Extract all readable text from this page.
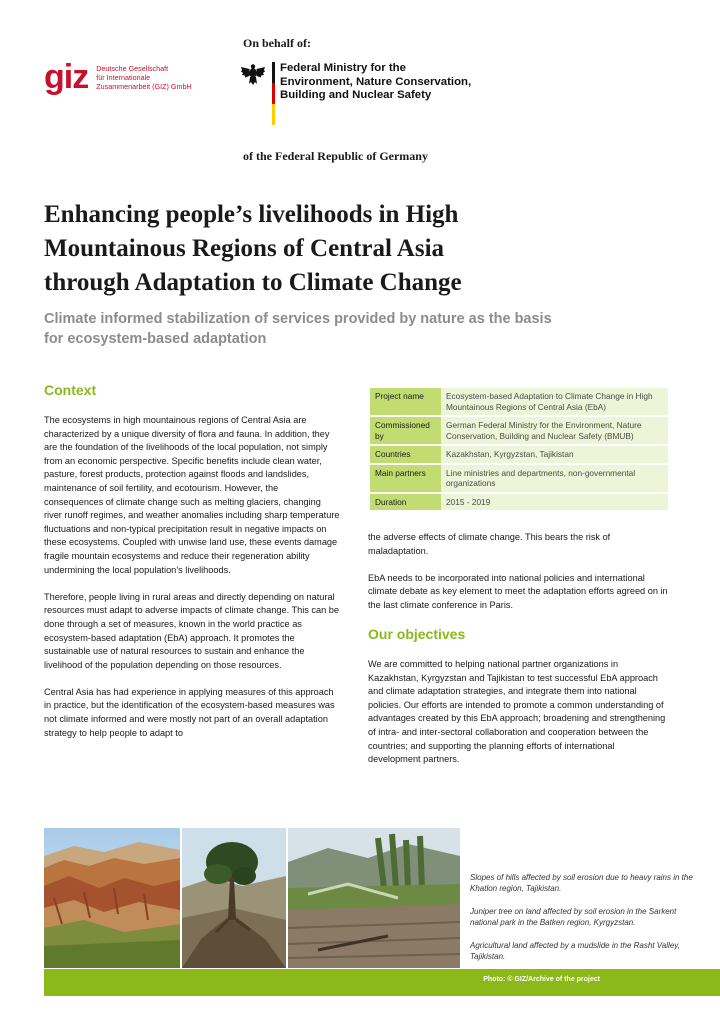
On behalf of:
giz Deutsche Gesellschaft
für Internationale
Zusammenarbeit (GIZ) GmbH
Federal Ministry for the
Environment, Nature Conservation,
Building and Nuclear Safety
of the Federal Republic of Germany
Enhancing people’s livelihoods in High
Mountainous Regions of Central Asia
through Adaptation to Climate Change
Climate informed stabilization of services provided by nature as the basis
for ecosystem-based adaptation
Context

The ecosystems in high mountainous regions of Central Asia are characterized by a unique diversity of flora and fauna. In addition, they are the foundation of the livelihoods of the local population, not simply from an economic perspective. Specific benefits include clean water, pasture, forest products, protection against floods and landslides, maintenance of soil fertility, and ecotourism. However, the consequences of climate change such as melting glaciers, changing river runoff regimes, and weather anomalies including sharp temperature fluctuations and non-typical precipitation result in negative impacts on these ecosystems. Coupled with unwise land use, these events damage fragile mountain ecosystems and reduce their regeneration ability undermining the local population’s livelihoods.

Therefore, people living in rural areas and directly depending on natural resources must adapt to adverse impacts of climate change. This can be done through a set of measures, known in the world practice as ecosystem-based adaptation (EbA) approach. It promotes the sustainable use of natural resources to sustain and enhance the livelihood of the population depending on those resources.

Central Asia has had experience in applying measures of this approach in practice, but the identification of the ecosystem-based measures was not climate informed and were mostly not part of an overall adaptation strategy to help people to adapt to

Project name	Ecosystem-based Adaptation to Climate Change in High Mountainous Regions of Central Asia (EbA)
Commissioned by	German Federal Ministry for the Environment, Nature Conservation, Building and Nuclear Safety (BMUB)
Countries	Kazakhstan, Kyrgyzstan, Tajikistan
Main partners	Line ministries and departments, non-governmental organizations
Duration	2015 - 2019

the adverse effects of climate change. This bears the risk of maladaptation.

EbA needs to be incorporated into national policies and international climate debate as key element to meet the adaptation efforts agreed on in the last climate conference in Paris.

Our objectives
We are committed to helping national partner organizations in Kazakhstan, Kyrgyzstan and Tajikistan to test successful EbA approach and climate adaptation strategies, and integrate them into national policies. Our efforts are intended to promote a common understanding of advantages created by this EbA approach; broadening and strengthening of intra- and inter-sectoral collaboration and cooperation between the countries; and supporting the planning efforts of international development partners.
Slopes of hills affected by soil erosion due to heavy rains in the Khatlon region, Tajikistan.
Juniper tree on land affected by soil erosion in the Sarkent national park in the Batken region, Kyrgyzstan.
Agricultural land affected by a mudslide in the Rasht Valley, Tajikistan.
Photo: © GIZ/Archive of the project
